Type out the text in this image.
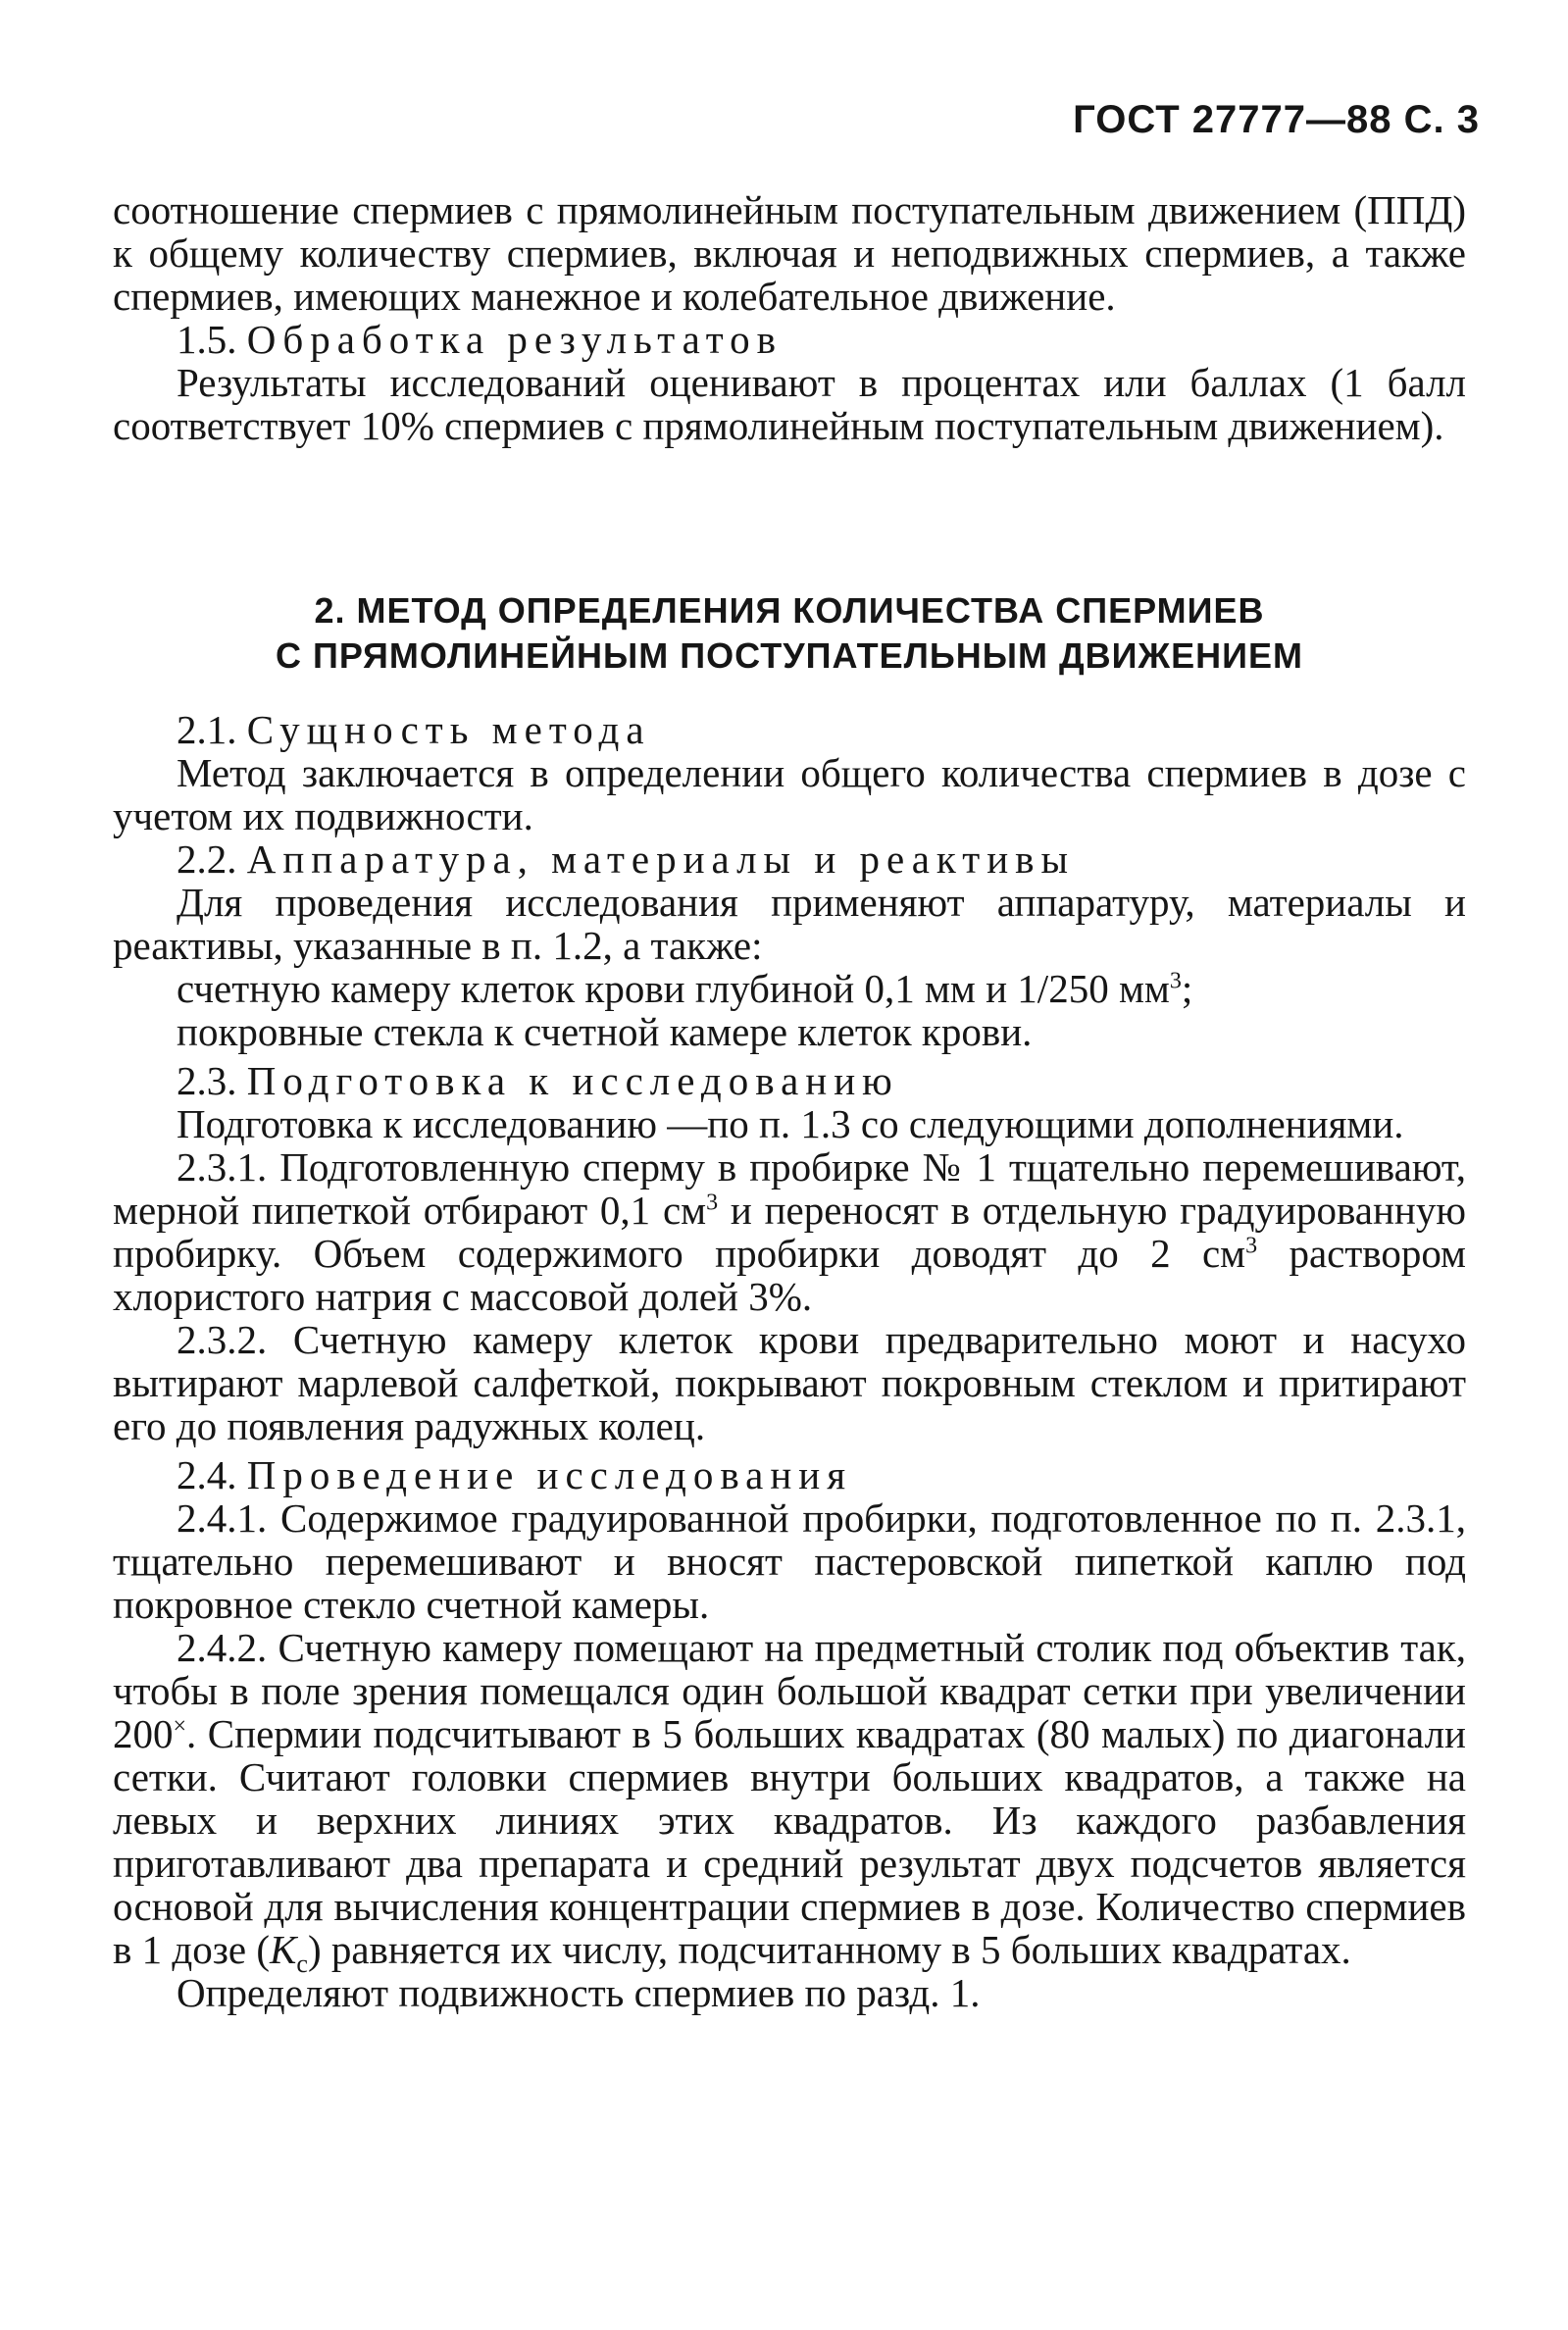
ГОСТ 27777—88 С. 3

соотношение спермиев с прямолинейным поступательным движением (ППД) к общему количеству спермиев, включая и неподвижных спермиев, а также спермиев, имеющих манежное и колебательное движение.

1.5. Обработка результатов

Результаты исследований оценивают в процентах или баллах (1 балл соответствует 10% спермиев с прямолинейным поступательным движением).

2. МЕТОД ОПРЕДЕЛЕНИЯ КОЛИЧЕСТВА СПЕРМИЕВ

С ПРЯМОЛИНЕЙНЫМ ПОСТУПАТЕЛЬНЫМ ДВИЖЕНИЕМ

2.1. Сущность метода

Метод заключается в определении общего количества спермиев в дозе с учетом их подвижности.

2.2. Аппаратура, материалы и реактивы

Для проведения исследования применяют аппаратуру, материалы и реактивы, указанные в п. 1.2, а также:

счетную камеру клеток крови глубиной 0,1 мм и 1/250 $мм^3$;

покровные стекла к счетной камере клеток крови.

2.3. Подготовка к исследованию

Подготовка к исследованию —по п. 1.3 со следующими дополнениями.

2.3.1. Подготовленную сперму в пробирке № 1 тщательно перемешивают, мерной пипеткой отбирают 0,1 $см^3$ и переносят в отдельную градуированную пробирку. Объем содержимого пробирки доводят до 2 $см^3$ раствором хлористого натрия с массовой долей 3%.

2.3.2. Счетную камеру клеток крови предварительно моют и насухо вытирают марлевой салфеткой, покрывают покровным стеклом и притирают его до появления радужных колец.

2.4. Проведение исследования

2.4.1. Содержимое градуированной пробирки, подготовленное по п. 2.3.1, тщательно перемешивают и вносят пастеровской пипеткой каплю под покровное стекло счетной камеры.

2.4.2. Счетную камеру помещают на предметный столик под объектив так, чтобы в поле зрения помещался один большой квадрат сетки при увеличении 200×. Спермии подсчитывают в 5 больших квадратах (80 малых) по диагонали сетки. Считают головки спермиев внутри больших квадратов, а также на левых и верхних линиях этих квадратов. Из каждого разбавления приготавливают два препарата и средний результат двух подсчетов является основой для вычисления концентрации спермиев в дозе. Количество спермиев в 1 дозе $(K_с)$ равняется их числу, подсчитанному в 5 больших квадратах.

Определяют подвижность спермиев по разд. 1.
